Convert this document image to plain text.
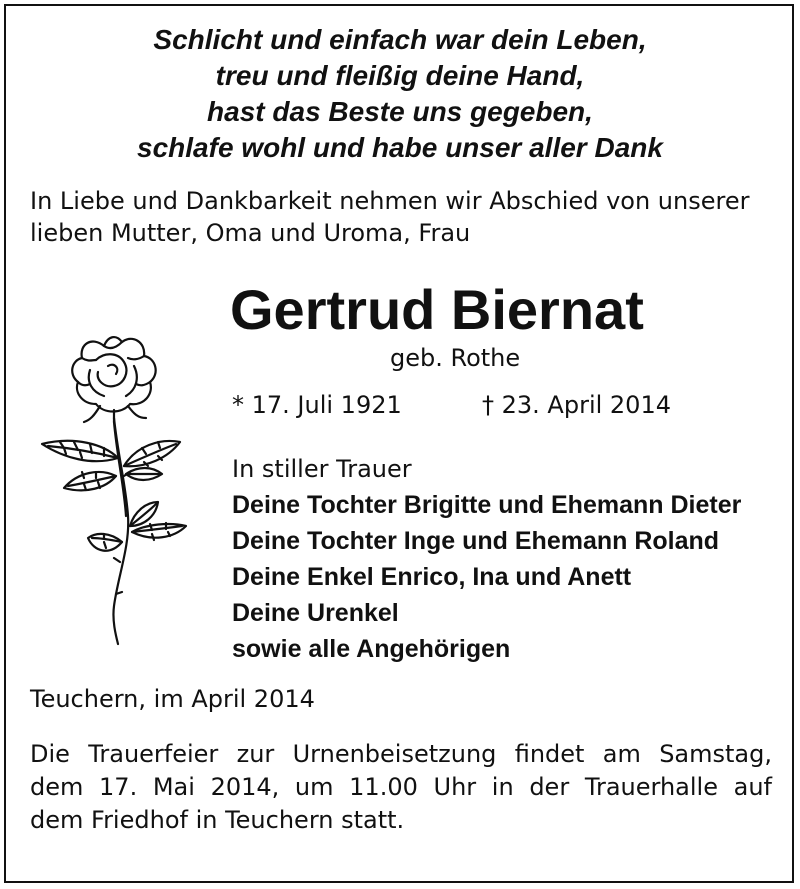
Schlicht und einfach war dein Leben,
treu und fleißig deine Hand,
hast das Beste uns gegeben,
schlafe wohl und habe unser aller Dank
In Liebe und Dankbarkeit nehmen wir Abschied von unserer
lieben Mutter, Oma und Uroma, Frau
Gertrud Biernat
geb. Rothe
* 17. Juli 1921	† 23. April 2014
In stiller Trauer
Deine Tochter Brigitte und Ehemann Dieter
Deine Tochter Inge und Ehemann Roland
Deine Enkel Enrico, Ina und Anett
Deine Urenkel
sowie alle Angehörigen
Teuchern, im April 2014
Die Trauerfeier zur Urnenbeisetzung findet am Samstag,
dem 17. Mai 2014, um 11.00 Uhr in der Trauerhalle auf
dem Friedhof in Teuchern statt.
